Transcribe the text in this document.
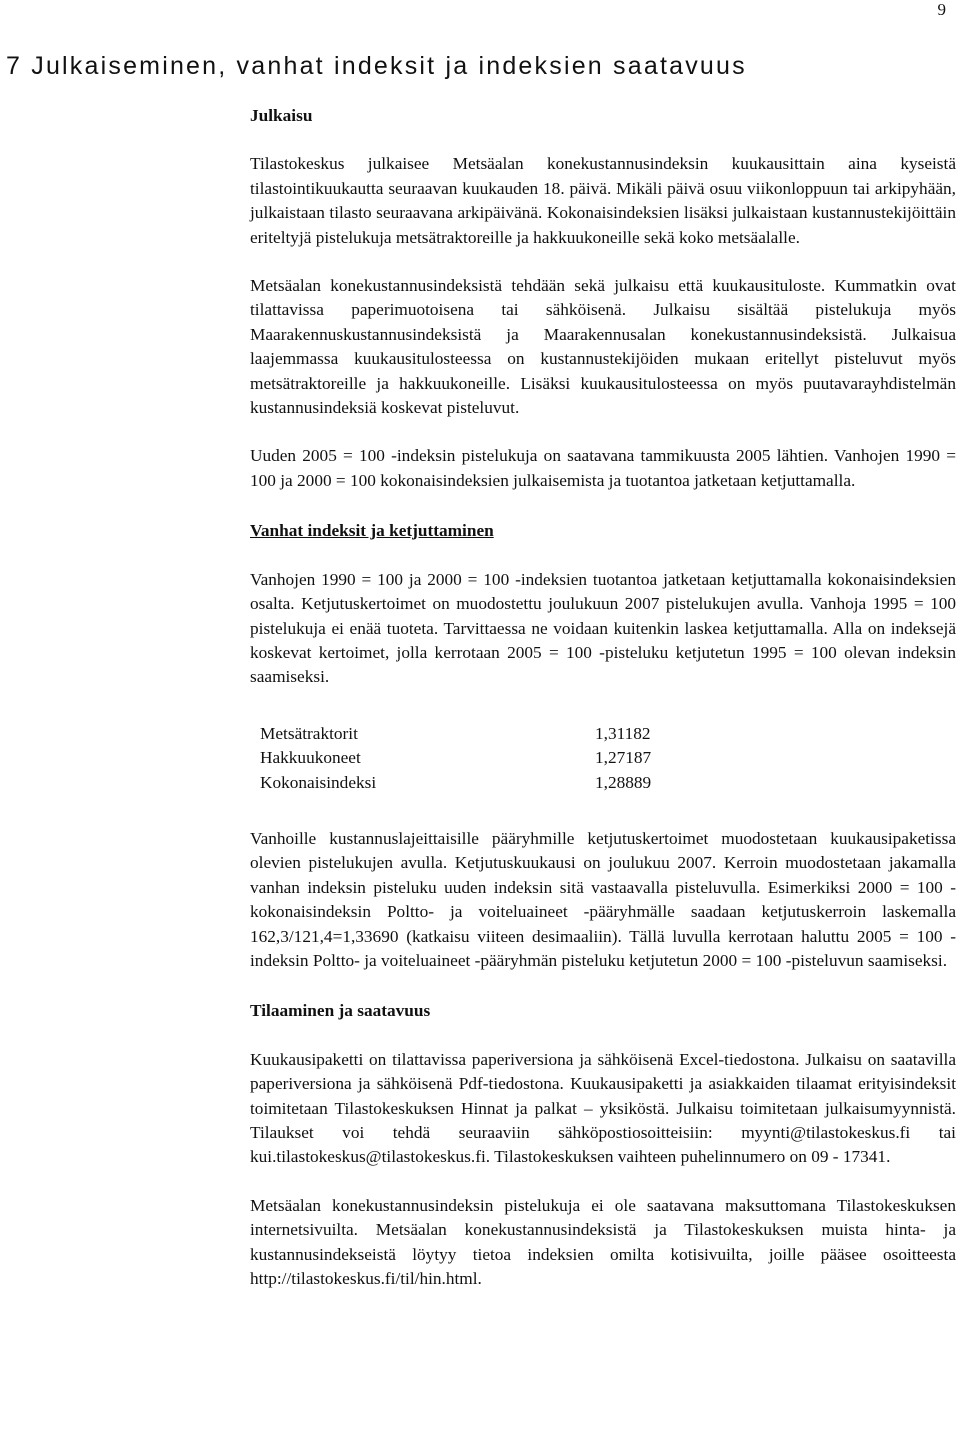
9
7 Julkaiseminen, vanhat indeksit ja indeksien saatavuus
Julkaisu

Tilastokeskus julkaisee Metsäalan konekustannusindeksin kuukausittain aina kyseistä tilastointikuukautta seuraavan kuukauden 18. päivä. Mikäli päivä osuu viikonloppuun tai arkipyhään, julkaistaan tilasto seuraavana arkipäivänä. Kokonaisindeksien lisäksi julkaistaan kustannustekijöittäin eriteltyjä pistelukuja metsätraktoreille ja hakkuukoneille sekä koko metsäalalle.

Metsäalan konekustannusindeksistä tehdään sekä julkaisu että kuukausituloste. Kummatkin ovat tilattavissa paperimuotoisena tai sähköisenä. Julkaisu sisältää pistelukuja myös Maarakennuskustannusindeksistä ja Maarakennusalan konekustannusindeksistä. Julkaisua laajemmassa kuukausitulosteessa on kustannustekijöiden mukaan eritellyt pisteluvut myös metsätraktoreille ja hakkuukoneille. Lisäksi kuukausitulosteessa on myös puutavarayhdistelmän kustannusindeksiä koskevat pisteluvut.

Uuden 2005 = 100 -indeksin pistelukuja on saatavana tammikuusta 2005 lähtien. Vanhojen 1990 = 100 ja 2000 = 100 kokonaisindeksien julkaisemista ja tuotantoa jatketaan ketjuttamalla.

Vanhat indeksit ja ketjuttaminen

Vanhojen 1990 = 100 ja 2000 = 100 -indeksien tuotantoa jatketaan ketjuttamalla kokonaisindeksien osalta. Ketjutuskertoimet on muodostettu joulukuun 2007 pistelukujen avulla. Vanhoja 1995 = 100 pistelukuja ei enää tuoteta. Tarvittaessa ne voidaan kuitenkin laskea ketjuttamalla. Alla on indeksejä koskevat kertoimet, jolla kerrotaan 2005 = 100 -pisteluku ketjutetun 1995 = 100 olevan indeksin saamiseksi.

Metsätraktorit	1,31182
Hakkuukoneet	1,27187
Kokonaisindeksi	1,28889

Vanhoille kustannuslajeittaisille pääryhmille ketjutuskertoimet muodostetaan kuukausipaketissa olevien pistelukujen avulla. Ketjutuskuukausi on joulukuu 2007. Kerroin muodostetaan jakamalla vanhan indeksin pisteluku uuden indeksin sitä vastaavalla pisteluvulla. Esimerkiksi 2000 = 100 -kokonaisindeksin Poltto- ja voiteluaineet -pääryhmälle saadaan ketjutuskerroin laskemalla 162,3/121,4=1,33690 (katkaisu viiteen desimaaliin). Tällä luvulla kerrotaan haluttu 2005 = 100 -indeksin Poltto- ja voiteluaineet -pääryhmän pisteluku ketjutetun 2000 = 100 -pisteluvun saamiseksi.

Tilaaminen ja saatavuus

Kuukausipaketti on tilattavissa paperiversiona ja sähköisenä Excel-tiedostona. Julkaisu on saatavilla paperiversiona ja sähköisenä Pdf-tiedostona. Kuukausipaketti ja asiakkaiden tilaamat erityisindeksit toimitetaan Tilastokeskuksen Hinnat ja palkat – yksiköstä. Julkaisu toimitetaan julkaisumyynnistä. Tilaukset voi tehdä seuraaviin sähköpostiosoitteisiin: myynti@tilastokeskus.fi tai kui.tilastokeskus@tilastokeskus.fi. Tilastokeskuksen vaihteen puhelinnumero on 09 - 17341.

Metsäalan konekustannusindeksin pistelukuja ei ole saatavana maksuttomana Tilastokeskuksen internetsivuilta. Metsäalan konekustannusindeksistä ja Tilastokeskuksen muista hinta- ja kustannusindekseistä löytyy tietoa indeksien omilta kotisivuilta, joille pääsee osoitteesta http://tilastokeskus.fi/til/hin.html.
